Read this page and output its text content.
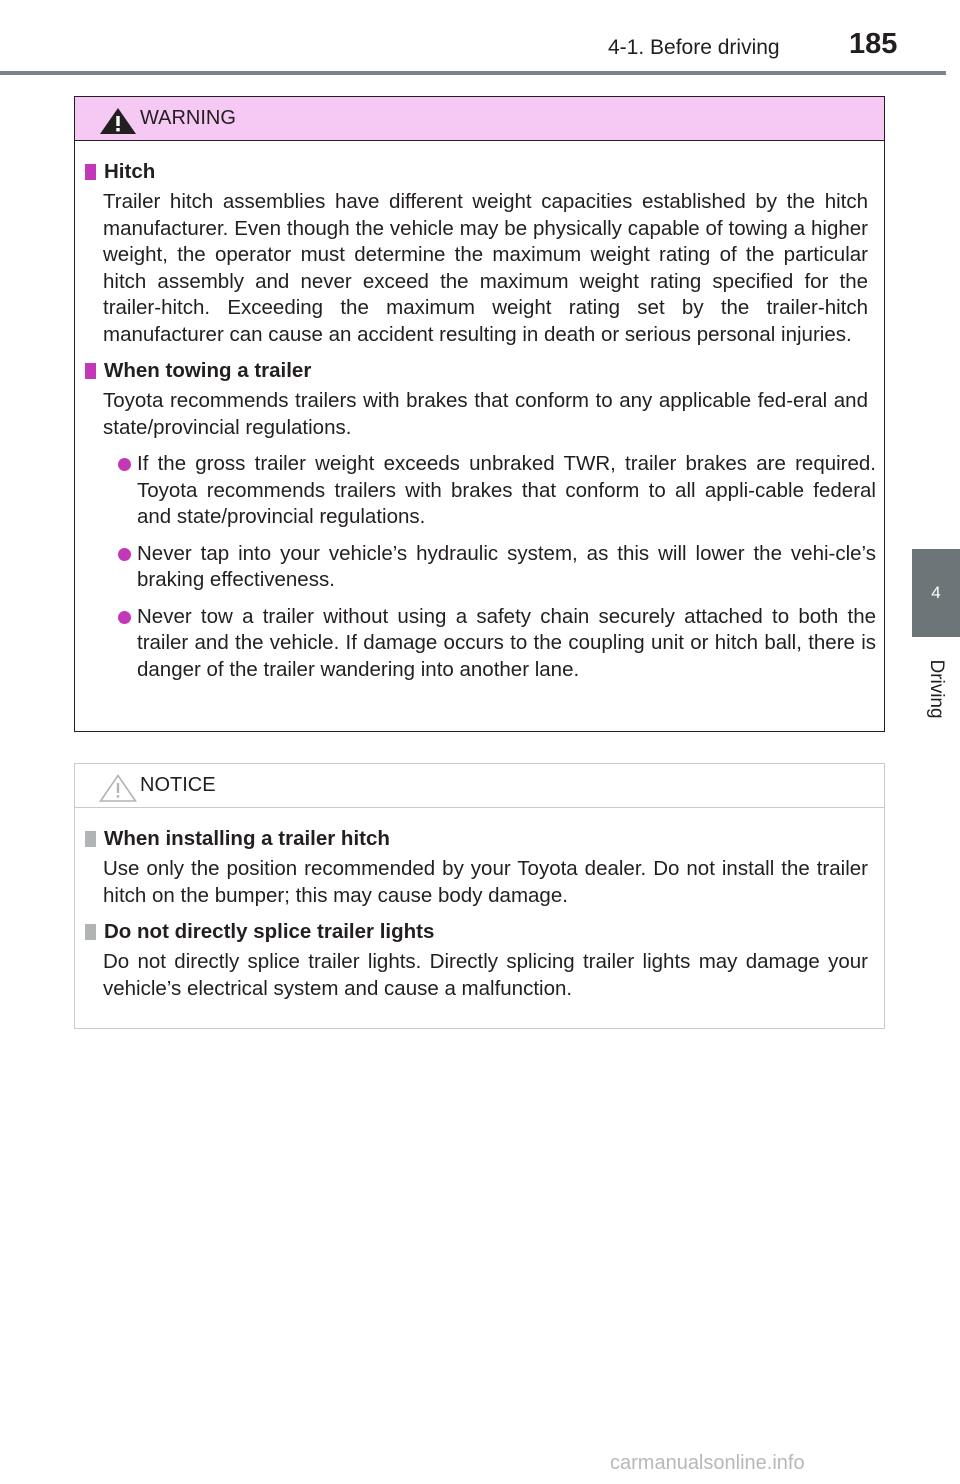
4-1. Before driving 185
4
Driving
WARNING
Hitch

Trailer hitch assemblies have different weight capacities established by the hitch manufacturer. Even though the vehicle may be physically capable of towing a higher weight, the operator must determine the maximum weight rating of the particular hitch assembly and never exceed the maximum weight rating specified for the trailer-hitch. Exceeding the maximum weight rating set by the trailer-hitch manufacturer can cause an accident resulting in death or serious personal injuries.

When towing a trailer

Toyota recommends trailers with brakes that conform to any applicable fed-eral and state/provincial regulations.

If the gross trailer weight exceeds unbraked TWR, trailer brakes are required. Toyota recommends trailers with brakes that conform to all appli-cable federal and state/provincial regulations.
Never tap into your vehicle’s hydraulic system, as this will lower the vehi-cle’s braking effectiveness.
Never tow a trailer without using a safety chain securely attached to both the trailer and the vehicle. If damage occurs to the coupling unit or hitch ball, there is danger of the trailer wandering into another lane.
NOTICE
When installing a trailer hitch

Use only the position recommended by your Toyota dealer. Do not install the trailer hitch on the bumper; this may cause body damage.

Do not directly splice trailer lights

Do not directly splice trailer lights. Directly splicing trailer lights may damage your vehicle’s electrical system and cause a malfunction.

carmanualsonline.info
